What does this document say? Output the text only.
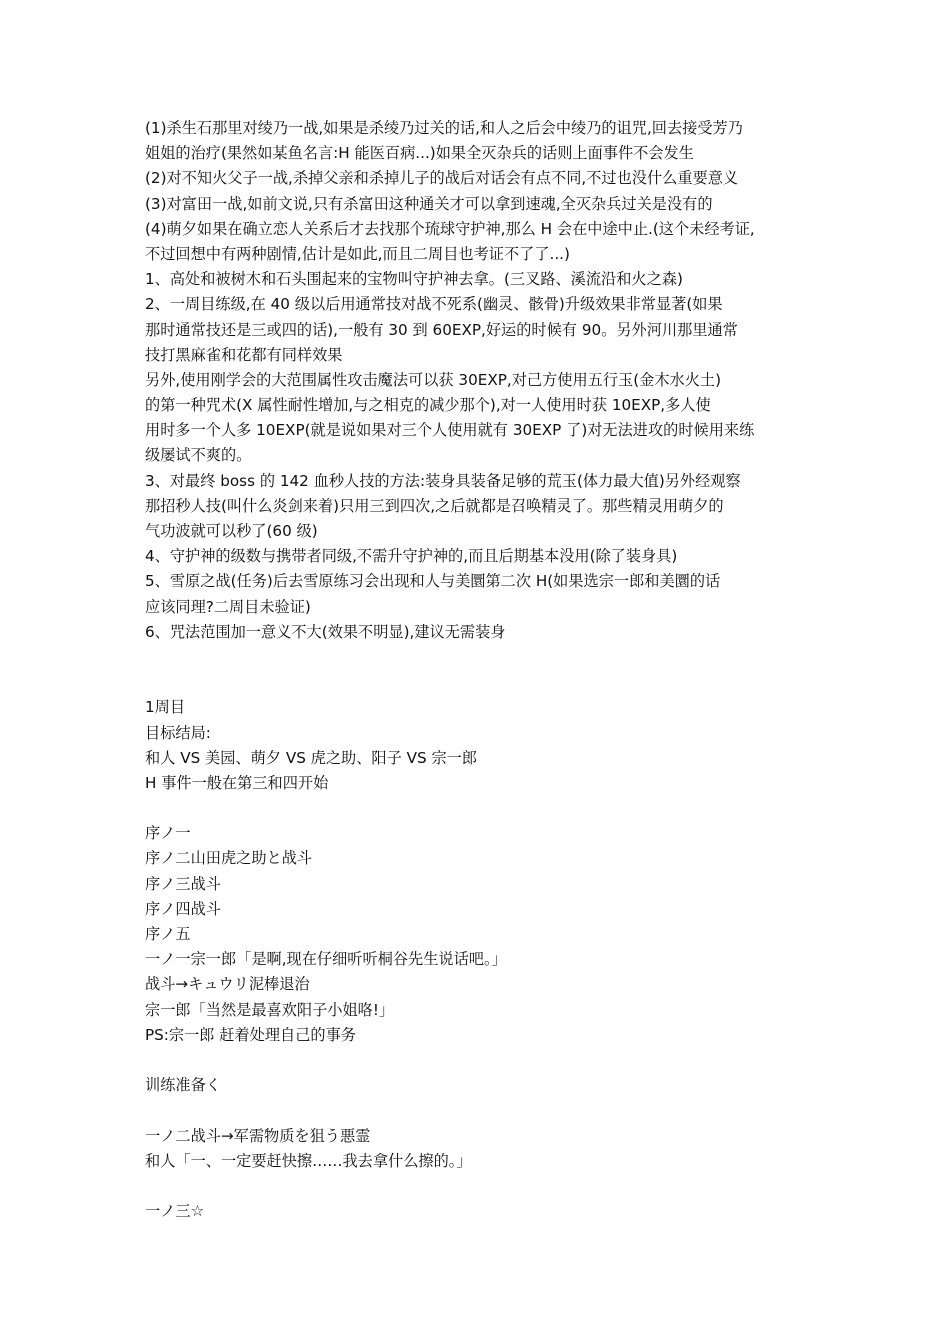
(1)杀生石那里对绫乃一战,如果是杀绫乃过关的话,和人之后会中绫乃的诅咒,回去接受芳乃
姐姐的治疗(果然如某鱼名言:H 能医百病...)如果全灭杂兵的话则上面事件不会发生
(2)对不知火父子一战,杀掉父亲和杀掉儿子的战后对话会有点不同,不过也没什么重要意义
(3)对富田一战,如前文说,只有杀富田这种通关才可以拿到速魂,全灭杂兵过关是没有的
(4)萌夕如果在确立恋人关系后才去找那个琉球守护神,那么 H 会在中途中止.(这个未经考证,
不过回想中有两种剧情,估计是如此,而且二周目也考证不了了...)
1、高处和被树木和石头围起来的宝物叫守护神去拿。(三叉路、溪流沿和火之森)
2、一周目练级,在 40 级以后用通常技对战不死系(幽灵、骸骨)升级效果非常显著(如果
那时通常技还是三或四的话),一般有 30 到 60EXP,好运的时候有 90。另外河川那里通常
技打黑麻雀和花都有同样效果
另外,使用刚学会的大范围属性攻击魔法可以获 30EXP,对己方使用五行玉(金木水火土)
的第一种咒术(X 属性耐性增加,与之相克的减少那个),对一人使用时获 10EXP,多人使
用时多一个人多 10EXP(就是说如果对三个人使用就有 30EXP 了)对无法进攻的时候用来练
级屡试不爽的。
3、对最终 boss 的 142 血秒人技的方法:装身具装备足够的荒玉(体力最大值)另外经观察
那招秒人技(叫什么炎剑来着)只用三到四次,之后就都是召唤精灵了。那些精灵用萌夕的
气功波就可以秒了(60 级)
4、守护神的级数与携带者同级,不需升守护神的,而且后期基本没用(除了装身具)
5、雪原之战(任务)后去雪原练习会出现和人与美圜第二次 H(如果选宗一郎和美圜的话
应该同理?二周目未验证)
6、咒法范围加一意义不大(效果不明显),建议无需装身
1周目
目标结局:
和人 VS 美园、萌夕 VS 虎之助、阳子 VS 宗一郎
H 事件一般在第三和四开始
序ノ一
序ノ二山田虎之助と战斗
序ノ三战斗
序ノ四战斗
序ノ五
一ノ一宗一郎「是啊,现在仔细听听桐谷先生说话吧。」
战斗→キュウリ泥棒退治
宗一郎「当然是最喜欢阳子小姐咯!」
PS:宗一郎 赶着处理自己的事务
训练准备く
一ノ二战斗→军需物质を狙う悪霊
和人「一、一定要赶快擦……我去拿什么擦的。」
一ノ三☆
